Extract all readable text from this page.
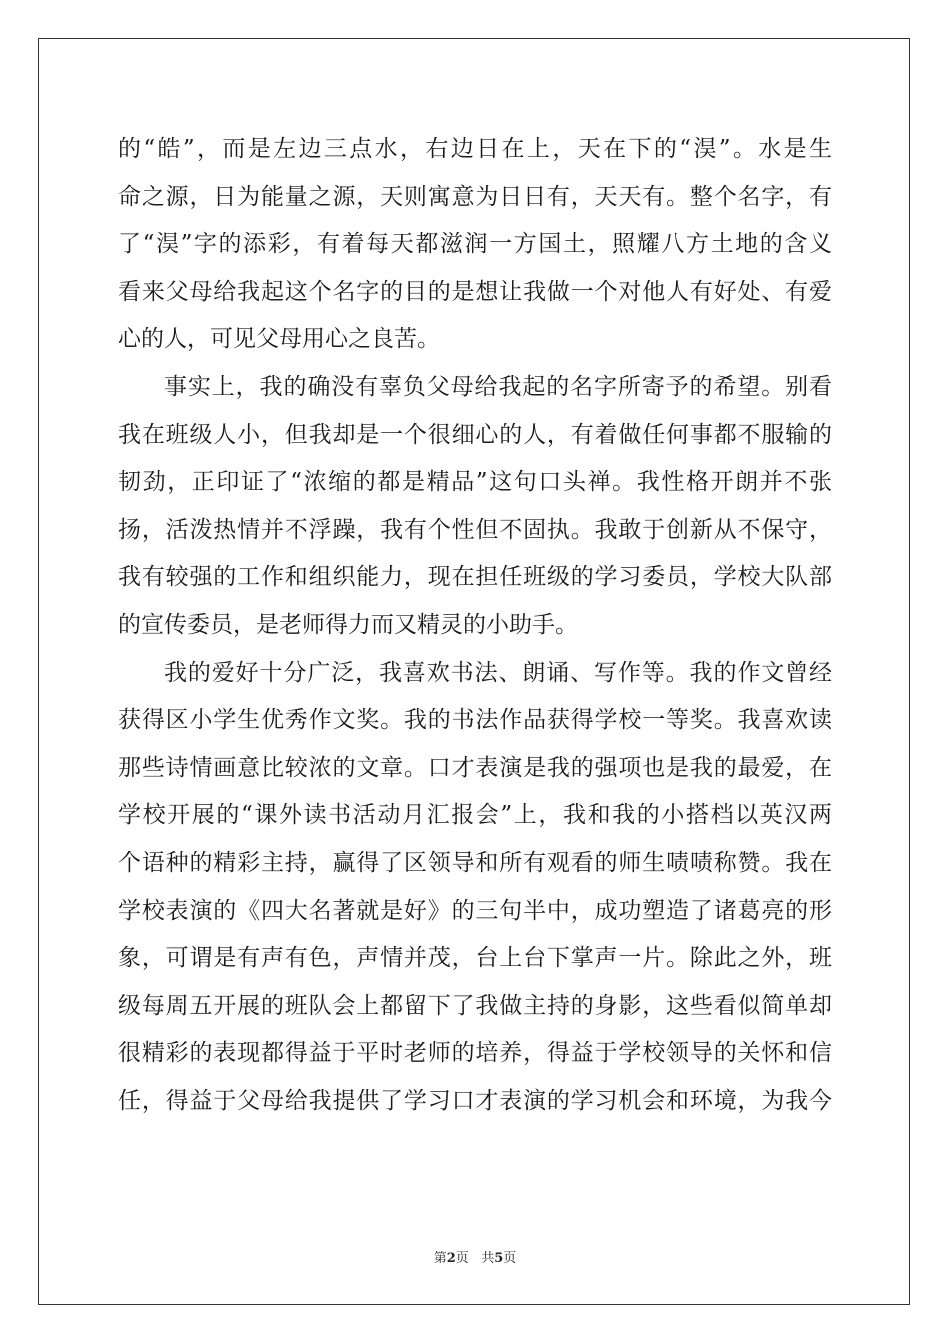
的“皓”，而是左边三点水，右边日在上，天在下的“淏”。水是生
命之源，日为能量之源，天则寓意为日日有，天天有。整个名字，有
了“淏”字的添彩，有着每天都滋润一方国土，照耀八方土地的含义
看来父母给我起这个名字的目的是想让我做一个对他人有好处、有爱
心的人，可见父母用心之良苦。
事实上，我的确没有辜负父母给我起的名字所寄予的希望。别看
我在班级人小，但我却是一个很细心的人，有着做任何事都不服输的
韧劲，正印证了“浓缩的都是精品”这句口头禅。我性格开朗并不张
扬，活泼热情并不浮躁，我有个性但不固执。我敢于创新从不保守，
我有较强的工作和组织能力，现在担任班级的学习委员，学校大队部
的宣传委员，是老师得力而又精灵的小助手。
我的爱好十分广泛，我喜欢书法、朗诵、写作等。我的作文曾经
获得区小学生优秀作文奖。我的书法作品获得学校一等奖。我喜欢读
那些诗情画意比较浓的文章。口才表演是我的强项也是我的最爱，在
学校开展的“课外读书活动月汇报会”上，我和我的小搭档以英汉两
个语种的精彩主持，赢得了区领导和所有观看的师生啧啧称赞。我在
学校表演的《四大名著就是好》的三句半中，成功塑造了诸葛亮的形
象，可谓是有声有色，声情并茂，台上台下掌声一片。除此之外，班
级每周五开展的班队会上都留下了我做主持的身影，这些看似简单却
很精彩的表现都得益于平时老师的培养，得益于学校领导的关怀和信
任，得益于父母给我提供了学习口才表演的学习机会和环境，为我今
第2页 共5页
